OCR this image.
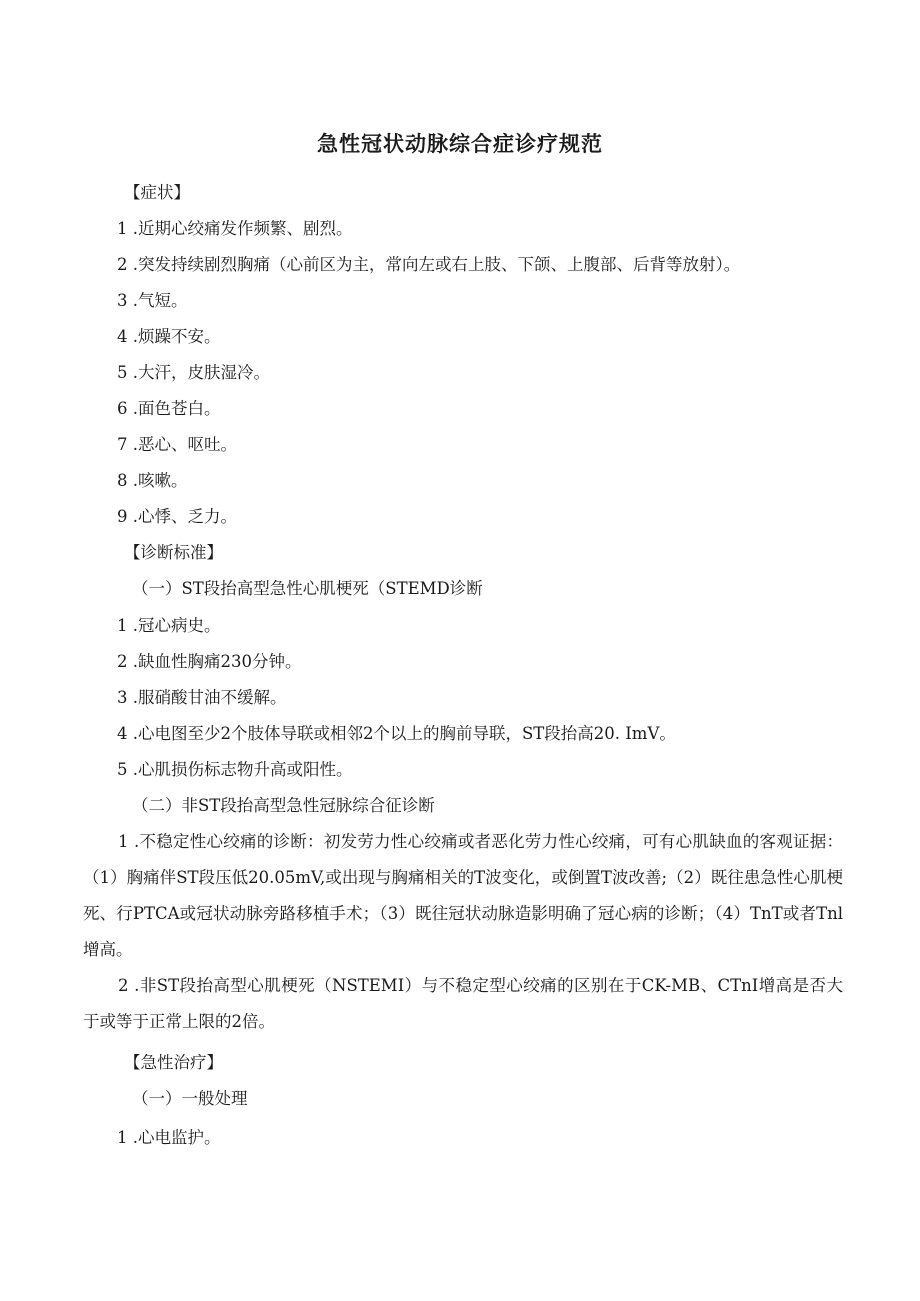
急性冠状动脉综合症诊疗规范
【症状】
1 .近期心绞痛发作频繁、剧烈。
2 .突发持续剧烈胸痛（心前区为主，常向左或右上肢、下颌、上腹部、后背等放射）。
3 .气短。
4 .烦躁不安。
5 .大汗，皮肤湿冷。
6 .面色苍白。
7 .恶心、呕吐。
8 .咳嗽。
9 .心悸、乏力。
【诊断标准】
（一）ST段抬高型急性心肌梗死（STEMD诊断
1 .冠心病史。
2 .缺血性胸痛230分钟。
3 .服硝酸甘油不缓解。
4 .心电图至少2个肢体导联或相邻2个以上的胸前导联，ST段抬高20. ImV。
5 .心肌损伤标志物升高或阳性。
（二）非ST段抬高型急性冠脉综合征诊断
1 .不稳定性心绞痛的诊断：初发劳力性心绞痛或者恶化劳力性心绞痛，可有心肌缺血的客观证据：（1）胸痛伴ST段压低20.05mV,或出现与胸痛相关的T波变化，或倒置T波改善;（2）既往患急性心肌梗死、行PTCA或冠状动脉旁路移植手术；（3）既往冠状动脉造影明确了冠心病的诊断；（4）TnT或者Tnl增高。
2 .非ST段抬高型心肌梗死（NSTEMI）与不稳定型心绞痛的区别在于CK-MB、CTnI增高是否大于或等于正常上限的2倍。
【急性治疗】
（一）一般处理
1 .心电监护。
